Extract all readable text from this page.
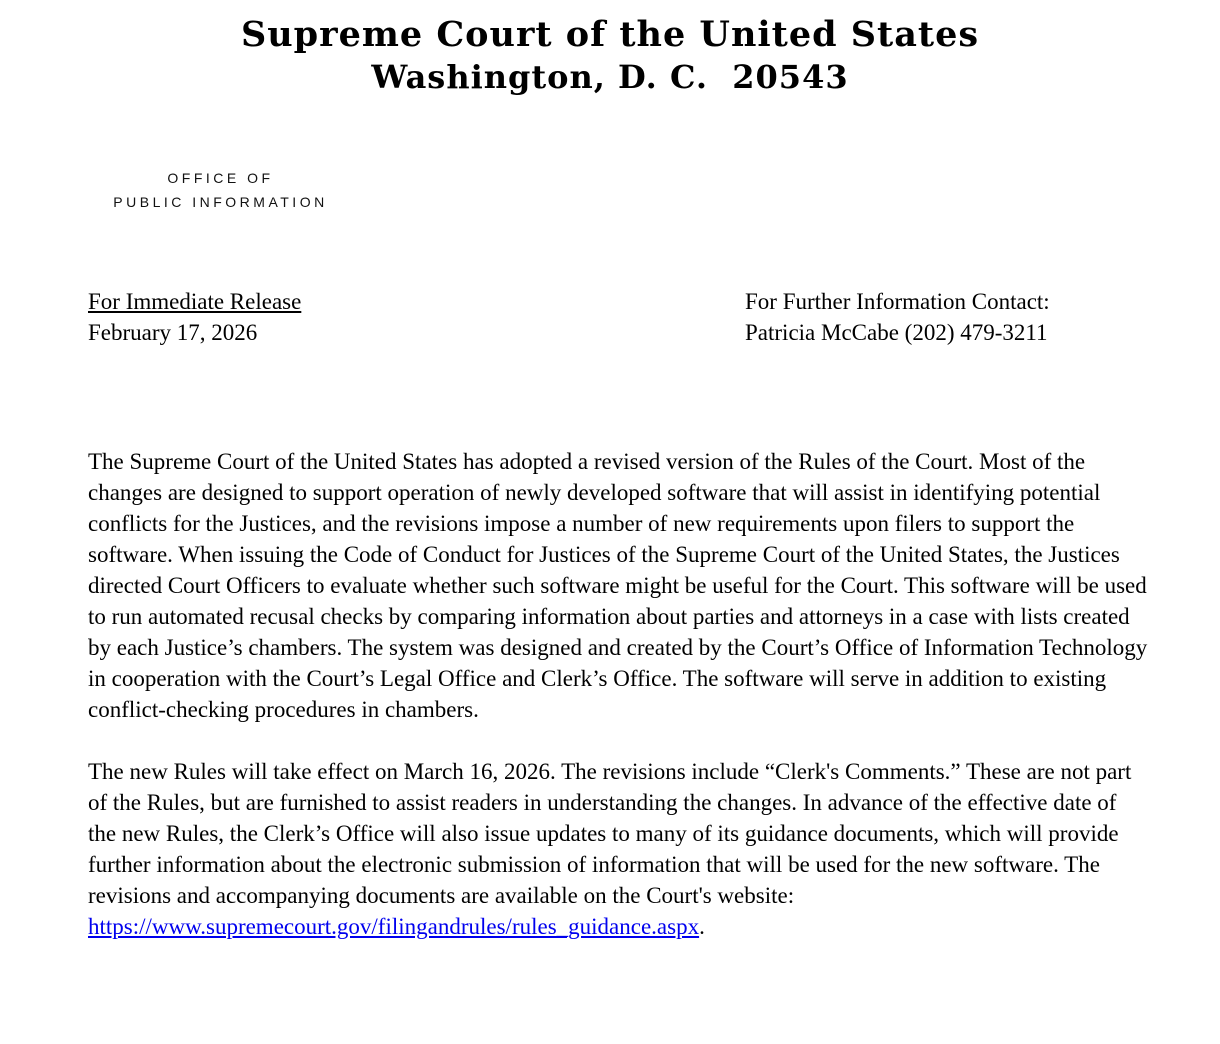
Supreme Court of the United States
Washington, D. C.  20543
OFFICE OF
PUBLIC INFORMATION
For Immediate Release
February 17, 2026
For Further Information Contact:
Patricia McCabe (202) 479-3211

The Supreme Court of the United States has adopted a revised version of the Rules of the Court. Most of the changes are designed to support operation of newly developed software that will assist in identifying potential conflicts for the Justices, and the revisions impose a number of new requirements upon filers to support the software. When issuing the Code of Conduct for Justices of the Supreme Court of the United States, the Justices directed Court Officers to evaluate whether such software might be useful for the Court. This software will be used to run automated recusal checks by comparing information about parties and attorneys in a case with lists created by each Justice’s chambers. The system was designed and created by the Court’s Office of Information Technology in cooperation with the Court’s Legal Office and Clerk’s Office. The software will serve in addition to existing conflict-checking procedures in chambers.

The new Rules will take effect on March 16, 2026. The revisions include “Clerk's Comments.” These are not part of the Rules, but are furnished to assist readers in understanding the changes. In advance of the effective date of the new Rules, the Clerk’s Office will also issue updates to many of its guidance documents, which will provide further information about the electronic submission of information that will be used for the new software. The revisions and accompanying documents are available on the Court's website: https://www.supremecourt.gov/filingandrules/rules_guidance.aspx.
